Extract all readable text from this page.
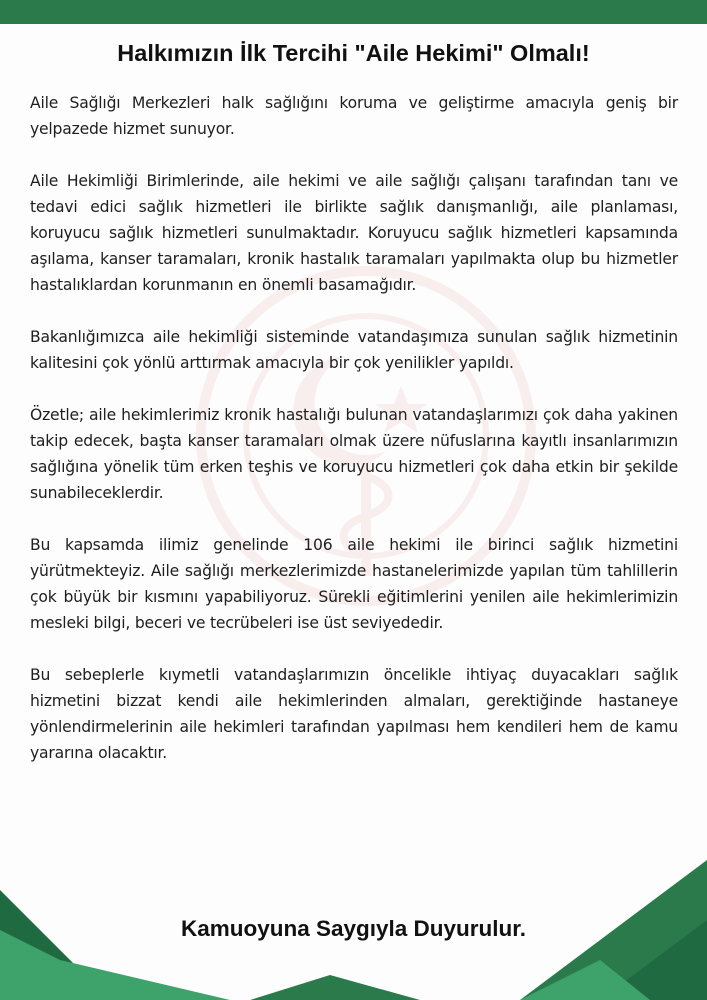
Halkımızın İlk Tercihi "Aile Hekimi" Olmalı!

Aile Sağlığı Merkezleri halk sağlığını koruma ve geliştirme amacıyla geniş bir yelpazede hizmet sunuyor.

Aile Hekimliği Birimlerinde, aile hekimi ve aile sağlığı çalışanı tarafından tanı ve tedavi edici sağlık hizmetleri ile birlikte sağlık danışmanlığı, aile planlaması, koruyucu sağlık hizmetleri sunulmaktadır. Koruyucu sağlık hizmetleri kapsamında aşılama, kanser taramaları, kronik hastalık taramaları yapılmakta olup bu hizmetler hastalıklardan korunmanın en önemli basamağıdır.

Bakanlığımızca aile hekimliği sisteminde vatandaşımıza sunulan sağlık hizmetinin kalitesini çok yönlü arttırmak amacıyla bir çok yenilikler yapıldı.

Özetle; aile hekimlerimiz kronik hastalığı bulunan vatandaşlarımızı çok daha yakinen takip edecek, başta kanser taramaları olmak üzere nüfuslarına kayıtlı insanlarımızın sağlığına yönelik tüm erken teşhis ve koruyucu hizmetleri çok daha etkin bir şekilde sunabileceklerdir.

Bu kapsamda ilimiz genelinde 106 aile hekimi ile birinci sağlık hizmetini yürütmekteyiz. Aile sağlığı merkezlerimizde hastanelerimizde yapılan tüm tahlillerin çok büyük bir kısmını yapabiliyoruz. Sürekli eğitimlerini yenilen aile hekimlerimizin mesleki bilgi, beceri ve tecrübeleri ise üst seviyededir.

Bu sebeplerle kıymetli vatandaşlarımızın öncelikle ihtiyaç duyacakları sağlık hizmetini bizzat kendi aile hekimlerinden almaları, gerektiğinde hastaneye yönlendirmelerinin aile hekimleri tarafından yapılması hem kendileri hem de kamu yararına olacaktır.

Kamuoyuna Saygıyla Duyurulur.
